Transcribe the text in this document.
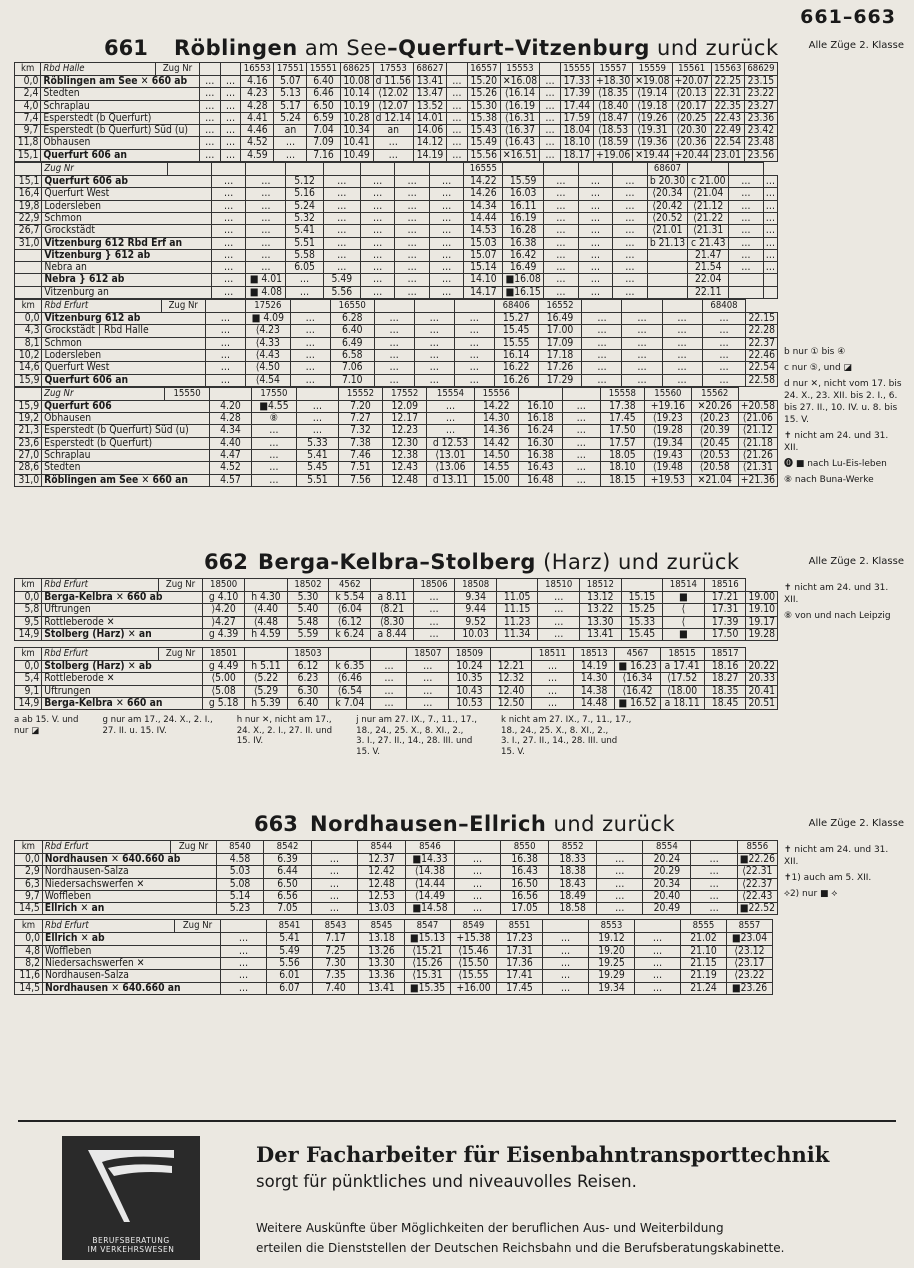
661–663
661 Röblingen am See–Querfurt–Vitzenburg und zurück	Alle Züge 2. Klasse
km	Rbd Halle	Zug Nr			16553	17551	15551	68625	17553	68627		16557	15553		15555	15557	15559	15561	15563	68629
0,0	Röblingen am See ✕ 660 ab		…	…	4.16	5.07	6.40	10.08	d 11.56	13.41	…	15.20	✕16.08	…	17.33	+18.30	✕19.08	+20.07	22.25	23.15
2,4	Stedten		…	…	4.23	5.13	6.46	10.14	⟨12.02	13.47	…	15.26	⟨16.14	…	17.39	⟨18.35	⟨19.14	⟨20.13	22.31	23.22
4,0	Schraplau		…	…	4.28	5.17	6.50	10.19	⟨12.07	13.52	…	15.30	⟨16.19	…	17.44	⟨18.40	⟨19.18	⟨20.17	22.35	23.27
7,4	Esperstedt (b Querfurt)		…	…	4.41	5.24	6.59	10.28	d 12.14	14.01	…	15.38	⟨16.31	…	17.59	⟨18.47	⟨19.26	⟨20.25	22.43	23.36
9,7	Esperstedt (b Querfurt) Süd (u)		…	…	4.46	an	7.04	10.34	an	14.06	…	15.43	⟨16.37	…	18.04	⟨18.53	⟨19.31	⟨20.30	22.49	23.42
11,8	Obhausen		…	…	4.52	…	7.09	10.41	…	14.12	…	15.49	⟨16.43	…	18.10	⟨18.59	⟨19.36	⟨20.36	22.54	23.48
15,1	Querfurt 606 an		…	…	4.59	…	7.16	10.49	…	14.19	…	15.56	✕16.51	…	18.17	+19.06	✕19.44	+20.44	23.01	23.56
	Zug Nr									16555					68607			
15,1	Querfurt 606 ab		…	…	5.12	…	…	…	…	14.22	15.59	…	…	…	b 20.30	c 21.00	…	…
16,4	Querfurt West		…	…	5.16	…	…	…	…	14.26	16.03	…	…	…	⟨20.34	⟨21.04	…	…
19,8	Lodersleben		…	…	5.24	…	…	…	…	14.34	16.11	…	…	…	⟨20.42	⟨21.12	…	…
22,9	Schmon		…	…	5.32	…	…	…	…	14.44	16.19	…	…	…	⟨20.52	⟨21.22	…	…
26,7	Grockstädt		…	…	5.41	…	…	…	…	14.53	16.28	…	…	…	⟨21.01	⟨21.31	…	…
31,0	Vitzenburg 612 Rbd Erf an		…	…	5.51	…	…	…	…	15.03	16.38	…	…	…	b 21.13	c 21.43	…	…
	Vitzenburg } 612 ab		…	…	5.58	…	…	…	…	15.07	16.42	…	…	…		21.47	…	…
	Nebra an		…	…	6.05	…	…	…	…	15.14	16.49	…	…	…		21.54	…	…
	Nebra } 612 ab		…	■ 4.01	…	5.49	…	…	…	14.10	■16.08	…	…	…		22.04		
	Vitzenburg an		…	■ 4.08	…	5.56	…	…	…	14.17	■16.15	…	…	…		22.11		
km	Rbd Erfurt	Zug Nr		17526		16550				68406	16552				68408	
0,0	Vitzenburg 612 ab		…	■ 4.09	…	6.28	…	…	…	15.27	16.49	…	…	…	…	22.15
4,3	Grockstädt | Rbd Halle		…	⟨4.23	…	6.40	…	…	…	15.45	17.00	…	…	…	…	22.28
8,1	Schmon		…	⟨4.33	…	6.49	…	…	…	15.55	17.09	…	…	…	…	22.37
10,2	Lodersleben		…	⟨4.43	…	6.58	…	…	…	16.14	17.18	…	…	…	…	22.46
14,6	Querfurt West		…	⟨4.50	…	7.06	…	…	…	16.22	17.26	…	…	…	…	22.54
15,9	Querfurt 606 an		…	⟨4.54	…	7.10	…	…	…	16.26	17.29	…	…	…	…	22.58
	Zug Nr	15550		17550		15552	17552	15554	15556			15558	15560	15562	
15,9	Querfurt 606		4.20	■4.55	…	7.20	12.09	…	14.22	16.10	…	17.38	+19.16	✕20.26	+20.58
19,2	Obhausen		4.28	⑧	…	7.27	12.17	…	14.30	16.18	…	17.45	⟨19.23	⟨20.23	⟨21.06
21,3	Esperstedt (b Querfurt) Süd (u)		4.34	…	…	7.32	12.23	…	14.36	16.24	…	17.50	⟨19.28	⟨20.39	⟨21.12
23,6	Esperstedt (b Querfurt)		4.40	…	5.33	7.38	12.30	d 12.53	14.42	16.30	…	17.57	⟨19.34	⟨20.45	⟨21.18
27,0	Schraplau		4.47	…	5.41	7.46	12.38	⟨13.01	14.50	16.38	…	18.05	⟨19.43	⟨20.53	⟨21.26
28,6	Stedten		4.52	…	5.45	7.51	12.43	⟨13.06	14.55	16.43	…	18.10	⟨19.48	⟨20.58	⟨21.31
31,0	Röblingen am See ✕ 660 an		4.57	…	5.51	7.56	12.48	d 13.11	15.00	16.48	…	18.15	+19.53	✕21.04	+21.36
b nur ① bis ④
c nur ⑤, und ◪
d nur ✕, nicht vom 17. bis 24. X., 23. XII. bis 2. I., 6. bis 27. II., 10. IV. u. 8. bis 15. V.
✝ nicht am 24. und 31. XII.
⓿ ■ nach Lu-Eis-leben
⑧ nach Buna-Werke
662 Berga-Kelbra–Stolberg (Harz) und zurück	Alle Züge 2. Klasse
km	Rbd Erfurt	Zug Nr	18500		18502	4562		18506	18508		18510	18512		18514	18516	
0,0	Berga-Kelbra ✕ 660 ab		g 4.10	h 4.30	5.30	k 5.54	a 8.11	…	9.34	11.05	…	13.12	15.15	■	17.21	19.00
5,8	Uftrungen		⟩4.20	⟨4.40	5.40	⟨6.04	⟨8.21	…	9.44	11.15	…	13.22	15.25	⟨	17.31	19.10
9,5	Rottleberode ✕		⟩4.27	⟨4.48	5.48	⟨6.12	⟨8.30	…	9.52	11.23	…	13.30	15.33	⟨	17.39	19.17
14,9	Stolberg (Harz) ✕ an		g 4.39	h 4.59	5.59	k 6.24	a 8.44	…	10.03	11.34	…	13.41	15.45	■	17.50	19.28
km	Rbd Erfurt	Zug Nr	18501		18503			18507	18509		18511	18513	4567	18515	18517	
0,0	Stolberg (Harz) ✕ ab		g 4.49	h 5.11	6.12	k 6.35	…	…	10.24	12.21	…	14.19	■ 16.23	a 17.41	18.16	20.22
5,4	Rottleberode ✕		⟨5.00	⟨5.22	6.23	⟨6.46	…	…	10.35	12.32	…	14.30	⟨16.34	⟨17.52	18.27	20.33
9,1	Uftrungen		⟨5.08	⟨5.29	6.30	⟨6.54	…	…	10.43	12.40	…	14.38	⟨16.42	⟨18.00	18.35	20.41
14,9	Berga-Kelbra ✕ 660 an		g 5.18	h 5.39	6.40	k 7.04	…	…	10.53	12.50	…	14.48	■ 16.52	a 18.11	18.45	20.51
✝ nicht am 24. und 31. XII.
⑧ von und nach Leipzig
a ab 15. V. und
nur ◪
g nur am 17., 24. X., 2. I.,
27. II. u. 15. IV.
h nur ✕, nicht am 17.,
24. X., 2. I., 27. II. und
15. IV.
j nur am 27. IX., 7., 11., 17.,
18., 24., 25. X., 8. XI., 2.,
3. I., 27. II., 14., 28. III. und
15. V.
k nicht am 27. IX., 7., 11., 17.,
18., 24., 25. X., 8. XI., 2.,
3. I., 27. II., 14., 28. III. und
15. V.
663 Nordhausen–Ellrich und zurück	Alle Züge 2. Klasse
km	Rbd Erfurt	Zug Nr	8540	8542		8544	8546		8550	8552		8554		8556
0,0	Nordhausen ✕ 640.660 ab		4.58	6.39	…	12.37	■14.33	…	16.38	18.33	…	20.24	…	■22.26
2,9	Nordhausen-Salza		5.03	6.44	…	12.42	⟨14.38	…	16.43	18.38	…	20.29	…	⟨22.31
6,3	Niedersachswerfen ✕		5.08	6.50	…	12.48	⟨14.44	…	16.50	18.43	…	20.34	…	⟨22.37
9,7	Woffleben		5.14	6.56	…	12.53	⟨14.49	…	16.56	18.49	…	20.40	…	⟨22.43
14,5	Ellrich ✕ an		5.23	7.05	…	13.03	■14.58	…	17.05	18.58	…	20.49	…	■22.52
km	Rbd Erfurt	Zug Nr		8541	8543	8545	8547	8549	8551		8553		8555	8557
0,0	Ellrich ✕ ab		…	5.41	7.17	13.18	■15.13	+15.38	17.23	…	19.12	…	21.02	■23.04
4,8	Woffleben		…	5.49	7.25	13.26	⟨15.21	⟨15.46	17.31	…	19.20	…	21.10	⟨23.12
8,2	Niedersachswerfen ✕		…	5.56	7.30	13.30	⟨15.26	⟨15.50	17.36	…	19.25	…	21.15	⟨23.17
11,6	Nordhausen-Salza		…	6.01	7.35	13.36	⟨15.31	⟨15.55	17.41	…	19.29	…	21.19	⟨23.22
14,5	Nordhausen ✕ 640.660 an		…	6.07	7.40	13.41	■15.35	+16.00	17.45	…	19.34	…	21.24	■23.26
✝ nicht am 24. und 31. XII.
✝1) auch am 5. XII.
⟡2) nur ■ ⟡
BERUFSBERATUNG
IM VERKEHRSWESEN
Der Facharbeiter für Eisenbahntransporttechnik
sorgt für pünktliches und niveauvolles Reisen.
Weitere Auskünfte über Möglichkeiten der beruflichen Aus- und Weiterbildung
erteilen die Dienststellen der Deutschen Reichsbahn und die Berufsberatungskabinette.
